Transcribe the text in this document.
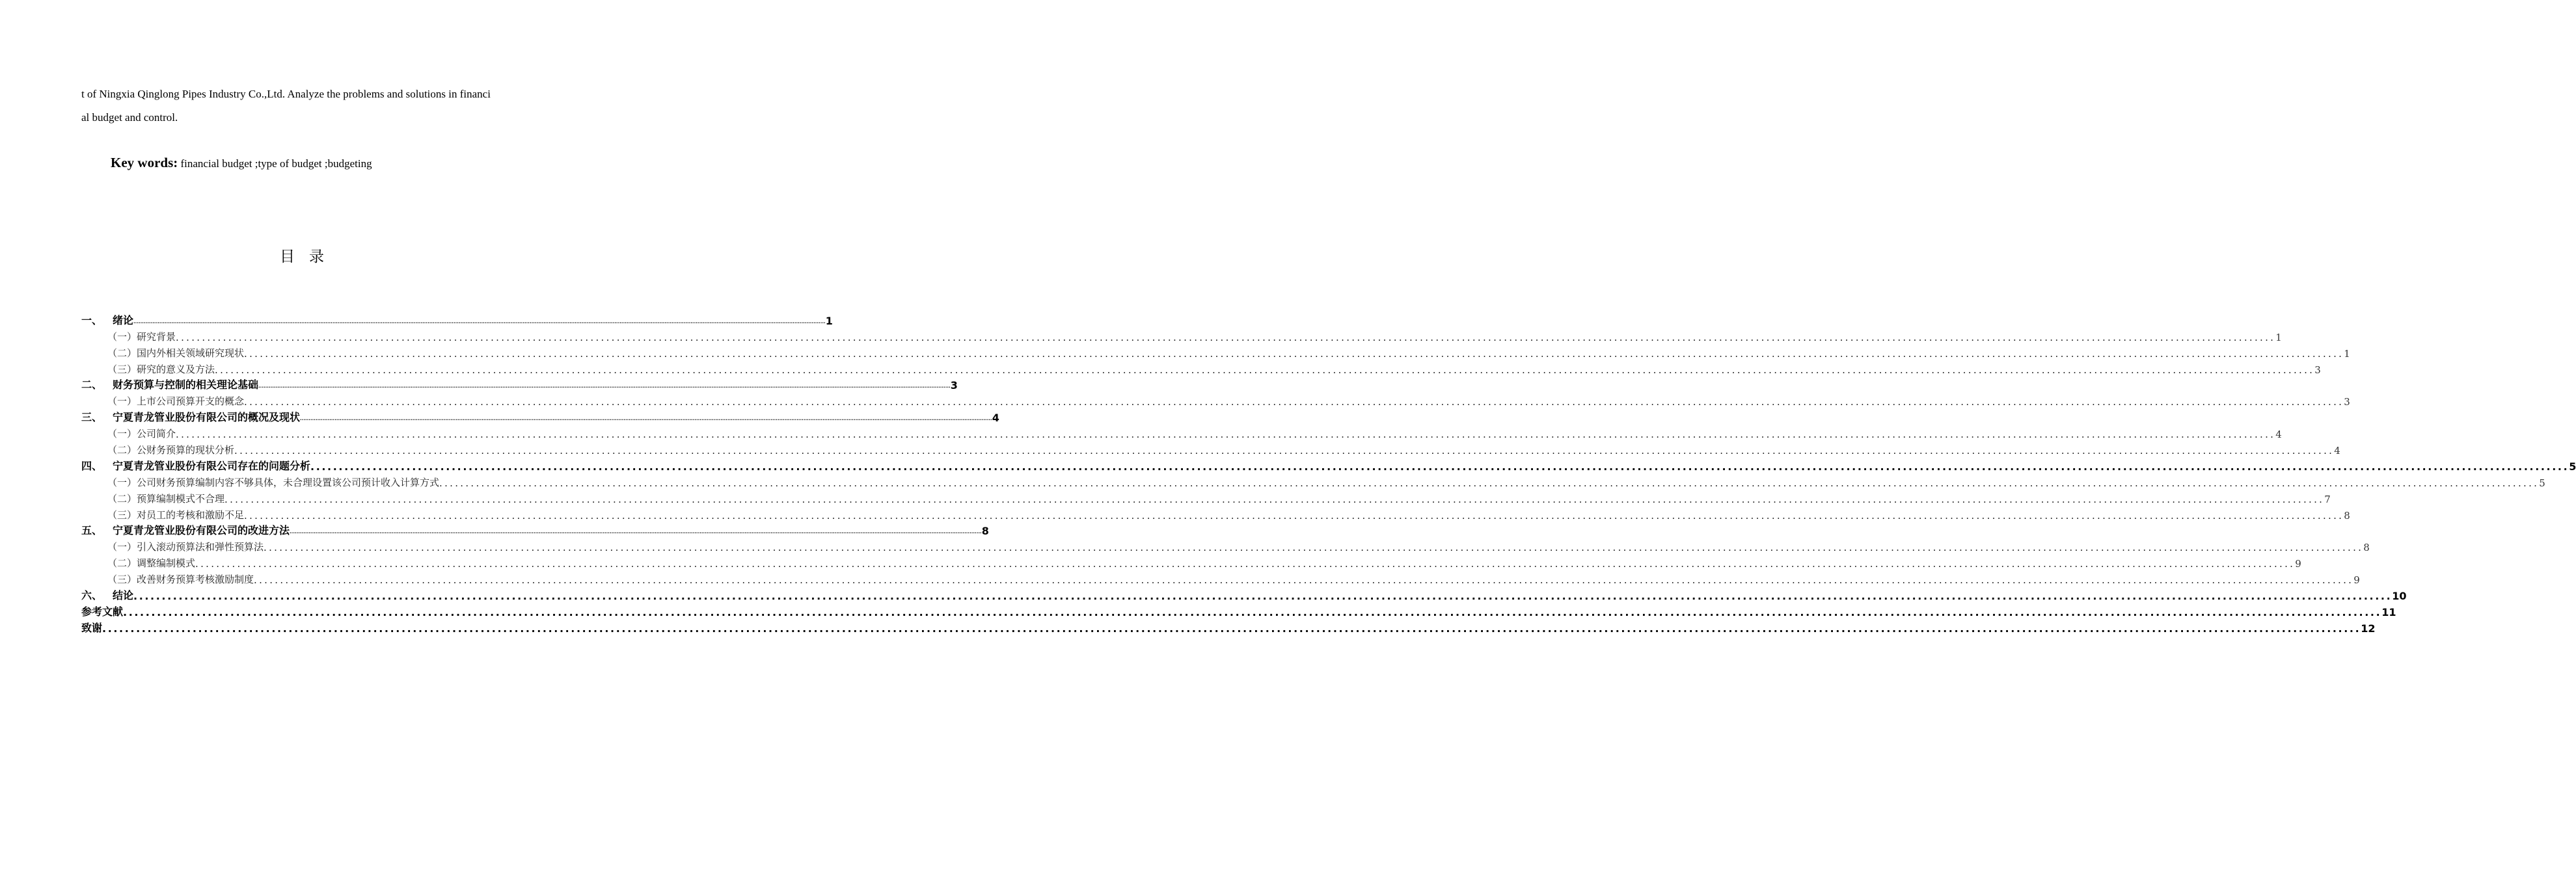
t of Ningxia Qinglong Pipes Industry Co.,Ltd. Analyze the problems and solutions in financi
al budget and control.
Key words: financial budget ;type of budget ;budgeting
目录
一、 绪论 ................................................................................................................................................................................................................................................................................................................................................................................................................ 1
（一）研究背景 ................................................................................................................................................................................................................................................................................................................................................................................................................ 1
（二）国内外相关领域研究现状 ................................................................................................................................................................................................................................................................................................................................................................................................................ 1
（三）研究的意义及方法 ................................................................................................................................................................................................................................................................................................................................................................................................................ 3
二、 财务预算与控制的相关理论基础 ................................................................................................................................................................................................................................................................................................................................................................................................................ 3
（一）上市公司预算开支的概念 ................................................................................................................................................................................................................................................................................................................................................................................................................ 3
三、 宁夏青龙管业股份有限公司的概况及现状 ................................................................................................................................................................................................................................................................................................................................................................................................................ 4
（一）公司简介 ................................................................................................................................................................................................................................................................................................................................................................................................................ 4
（二）公财务预算的现状分析 ................................................................................................................................................................................................................................................................................................................................................................................................................ 4
四、 宁夏青龙管业股份有限公司存在的问题分析 ................................................................................................................................................................................................................................................................................................................................................................................................................ 5
（一）公司财务预算编制内容不够具体，未合理设置该公司预计收入计算方式 ................................................................................................................................................................................................................................................................................................................................................................................................................ 5
（二）预算编制模式不合理 ................................................................................................................................................................................................................................................................................................................................................................................................................ 7
（三）对员工的考核和激励不足 ................................................................................................................................................................................................................................................................................................................................................................................................................ 8
五、 宁夏青龙管业股份有限公司的改进方法 ................................................................................................................................................................................................................................................................................................................................................................................................................ 8
（一）引入滚动预算法和弹性预算法 ................................................................................................................................................................................................................................................................................................................................................................................................................ 8
（二）调整编制模式 ................................................................................................................................................................................................................................................................................................................................................................................................................ 9
（三）改善财务预算考核激励制度 ................................................................................................................................................................................................................................................................................................................................................................................................................ 9
六、 结论 ................................................................................................................................................................................................................................................................................................................................................................................................................ 10
参考文献 ................................................................................................................................................................................................................................................................................................................................................................................................................ 11
致谢 ................................................................................................................................................................................................................................................................................................................................................................................................................ 12
